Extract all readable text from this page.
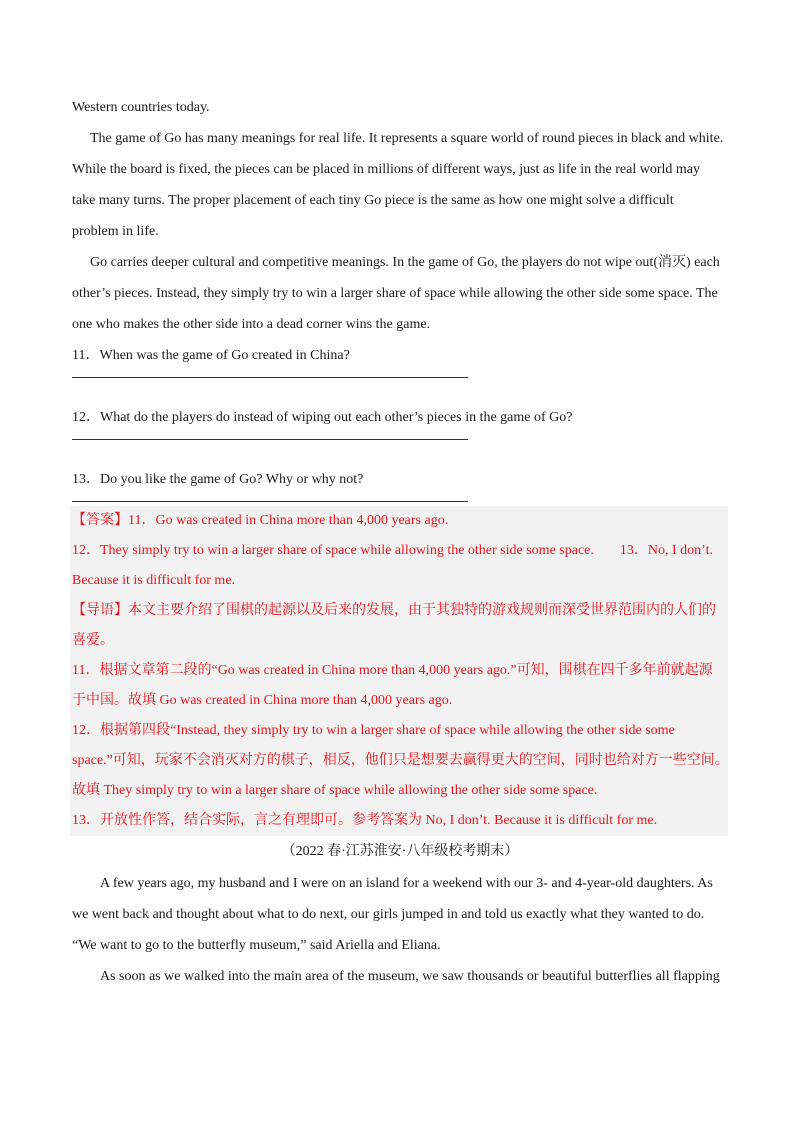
Western countries today.
The game of Go has many meanings for real life. It represents a square world of round pieces in black and white.
While the board is fixed, the pieces can be placed in millions of different ways, just as life in the real world may
take many turns. The proper placement of each tiny Go piece is the same as how one might solve a difficult
problem in life.
Go carries deeper cultural and competitive meanings. In the game of Go, the players do not wipe out(消灭) each
other’s pieces. Instead, they simply try to win a larger share of space while allowing the other side some space. The
one who makes the other side into a dead corner wins the game.
11．When was the game of Go created in China?
12．What do the players do instead of wiping out each other’s pieces in the game of Go?
13．Do you like the game of Go? Why or why not?
【答案】11．Go was created in China more than 4,000 years ago.
12．They simply try to win a larger share of space while allowing the other side some space. 13．No, I don’t.
Because it is difficult for me.
【导语】本文主要介绍了围棋的起源以及后来的发展，由于其独特的游戏规则而深受世界范围内的人们的
喜爱。
11．根据文章第二段的“Go was created in China more than 4,000 years ago.”可知，围棋在四千多年前就起源
于中国。故填 Go was created in China more than 4,000 years ago.
12．根据第四段“Instead, they simply try to win a larger share of space while allowing the other side some
space.”可知，玩家不会消灭对方的棋子，相反，他们只是想要去赢得更大的空间，同时也给对方一些空间。
故填 They simply try to win a larger share of space while allowing the other side some space.
13．开放性作答，结合实际，言之有理即可。参考答案为 No, I don’t. Because it is difficult for me.
（2022 春·江苏淮安·八年级校考期末）
A few years ago, my husband and I were on an island for a weekend with our 3- and 4-year-old daughters. As
we went back and thought about what to do next, our girls jumped in and told us exactly what they wanted to do.
“We want to go to the butterfly museum,” said Ariella and Eliana.
As soon as we walked into the main area of the museum, we saw thousands or beautiful butterflies all flapping
